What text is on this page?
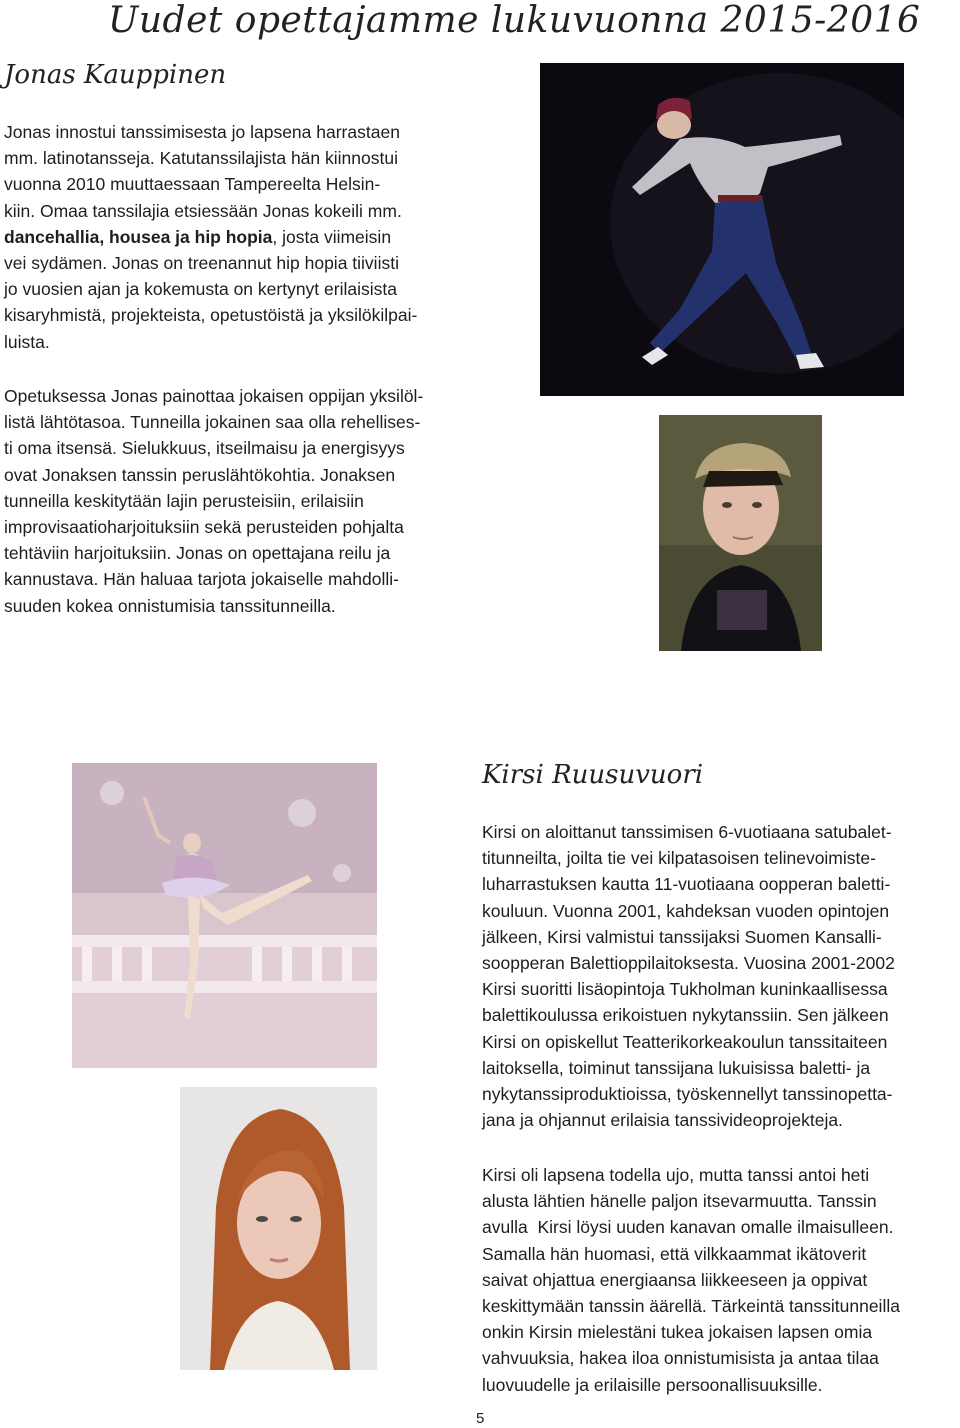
Uudet opettajamme lukuvuonna 2015-2016
Jonas Kauppinen

Jonas innostui tanssimisesta jo lapsena harrastaen
mm. latinotansseja. Katutanssilajista hän kiinnostui
vuonna 2010 muuttaessaan Tampereelta Helsin-
kiin. Omaa tanssilajia etsiessään Jonas kokeili mm.
dancehallia, housea ja hip hopia, josta viimeisin
vei sydämen. Jonas on treenannut hip hopia tiiviisti
jo vuosien ajan ja kokemusta on kertynyt erilaisista
kisaryhmistä, projekteista, opetustöistä ja yksilökilpai-
luista.

Opetuksessa Jonas painottaa jokaisen oppijan yksilöl-
listä lähtötasoa. Tunneilla jokainen saa olla rehellises-
ti oma itsensä. Sielukkuus, itseilmaisu ja energisyys
ovat Jonaksen tanssin peruslähtökohtia. Jonaksen
tunneilla keskitytään lajin perusteisiin, erilaisiin
improvisaatioharjoituksiin sekä perusteiden pohjalta
tehtäviin harjoituksiin. Jonas on opettajana reilu ja
kannustava. Hän haluaa tarjota jokaiselle mahdolli-
suuden kokea onnistumisia tanssitunneilla.

Kirsi Ruusuvuori

Kirsi on aloittanut tanssimisen 6-vuotiaana satubalet-
titunneilta, joilta tie vei kilpatasoisen telinevoimiste-
luharrastuksen kautta 11-vuotiaana oopperan baletti-
kouluun. Vuonna 2001, kahdeksan vuoden opintojen
jälkeen, Kirsi valmistui tanssijaksi Suomen Kansalli-
soopperan Balettioppilaitoksesta. Vuosina 2001-2002
Kirsi suoritti lisäopintoja Tukholman kuninkaallisessa
balettikoulussa erikoistuen nykytanssiin. Sen jälkeen
Kirsi on opiskellut Teatterikorkeakoulun tanssitaiteen
laitoksella, toiminut tanssijana lukuisissa baletti- ja
nykytanssiproduktioissa, työskennellyt tanssinopetta-
jana ja ohjannut erilaisia tanssivideoprojekteja.

Kirsi oli lapsena todella ujo, mutta tanssi antoi heti
alusta lähtien hänelle paljon itsevarmuutta. Tanssin
avulla  Kirsi löysi uuden kanavan omalle ilmaisulleen.
Samalla hän huomasi, että vilkkaammat ikätoverit
saivat ohjattua energiaansa liikkeeseen ja oppivat
keskittymään tanssin äärellä. Tärkeintä tanssitunneilla
onkin Kirsin mielestäni tukea jokaisen lapsen omia
vahvuuksia, hakea iloa onnistumisista ja antaa tilaa
luovuudelle ja erilaisille persoonallisuuksille.

5
